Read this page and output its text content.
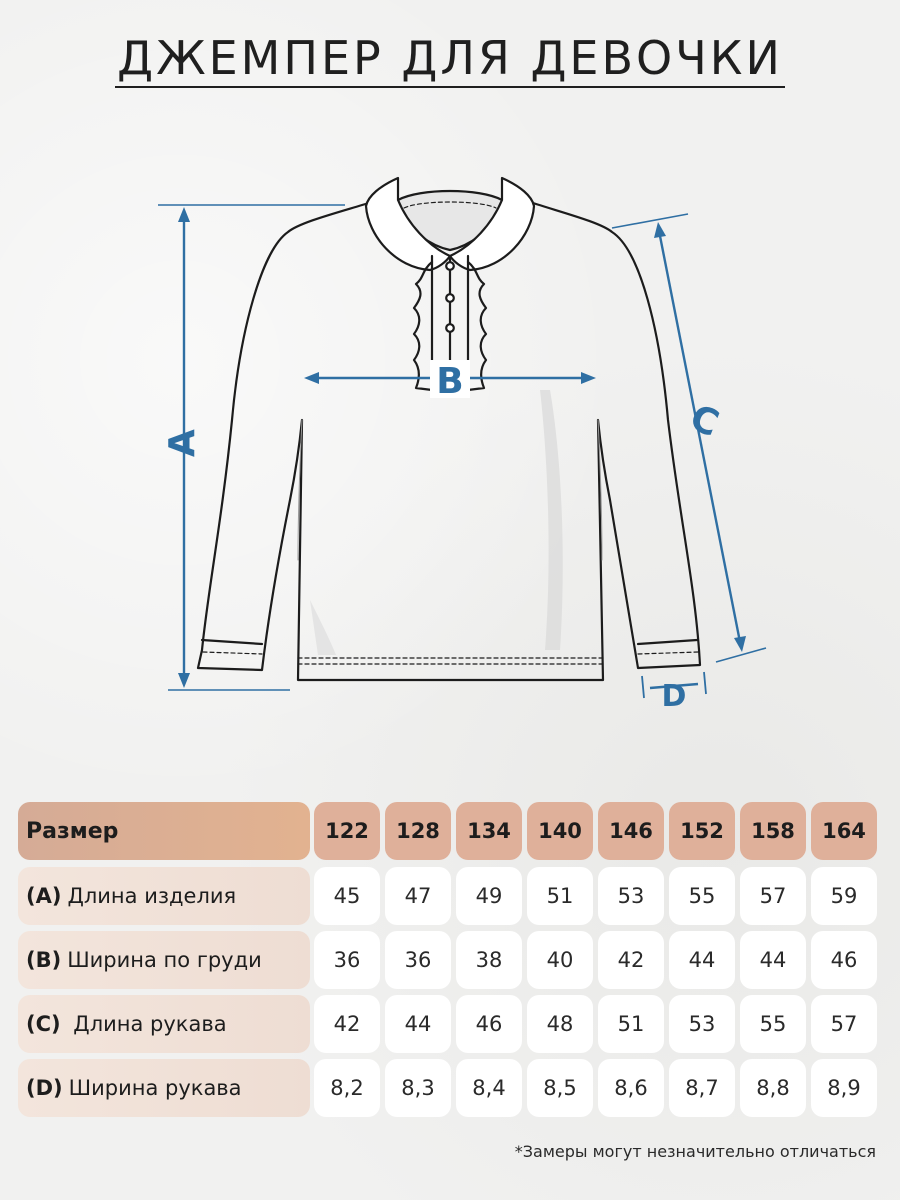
ДЖЕМПЕР ДЛЯ ДЕВОЧКИ
A
B
C
D
Размер	122	128	134	140	146	152	158	164
(A) Длина изделия	45	47	49	51	53	55	57	59
(B) Ширина по груди	36	36	38	40	42	44	44	46
(C) Длина рукава	42	44	46	48	51	53	55	57
(D) Ширина рукава	8,2	8,3	8,4	8,5	8,6	8,7	8,8	8,9
*Замеры могут незначительно отличаться
